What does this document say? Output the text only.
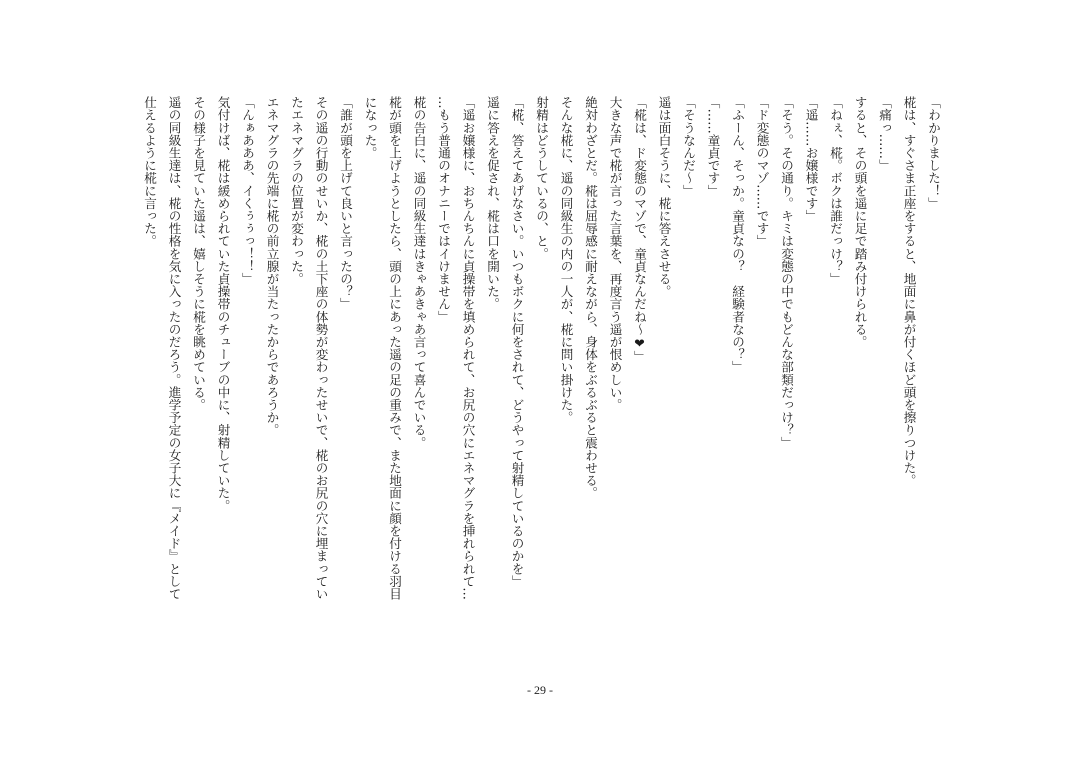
「わかりました！」
椛は、すぐさま正座をすると、地面に鼻が付くほど頭を擦りつけた。
「痛っ……」
すると、その頭を遥に足で踏み付けられる。
「ねぇ、椛。ボクは誰だっけ？」
「遥……お嬢様です」
「そう。その通り。キミは変態の中でもどんな部類だっけ？」
「ド変態のマゾ……です」
「ふーん、そっか。童貞なの？　経験者なの？」
「……童貞です」
「そうなんだ～」
遥は面白そうに、椛に答えさせる。
「椛は、ド変態のマゾで、童貞なんだね～❤」
大きな声で椛が言った言葉を、再度言う遥が恨めしい。
絶対わざとだ。椛は屈辱感に耐えながら、身体をぶるぶると震わせる。
そんな椛に、遥の同級生の内の一人が、椛に問い掛けた。
射精はどうしているの、と。
「椛、答えてあげなさい。いつもボクに何をされて、どうやって射精しているのかを」
遥に答えを促され、椛は口を開いた。
「遥お嬢様に、おちんちんに貞操帯を填められて、お尻の穴にエネマグラを挿れられて…
…もう普通のオナニーではイけません」
椛の告白に、遥の同級生達はきゃあきゃあ言って喜んでいる。
椛が頭を上げようとしたら、頭の上にあった遥の足の重みで、また地面に顔を付ける羽目
になった。
「誰が頭を上げて良いと言ったの？」
その遥の行動のせいか、椛の土下座の体勢が変わったせいで、椛のお尻の穴に埋まってい
たエネマグラの位置が変わった。
エネマグラの先端に椛の前立腺が当たったからであろうか。
「んぁあああ、イくぅぅっ！！」
気付けば、椛は緩められていた貞操帯のチューブの中に、射精していた。
その様子を見ていた遥は、嬉しそうに椛を眺めている。
遥の同級生達は、椛の性格を気に入ったのだろう。進学予定の女子大に『メイド』として
仕えるように椛に言った。
- 29 -
